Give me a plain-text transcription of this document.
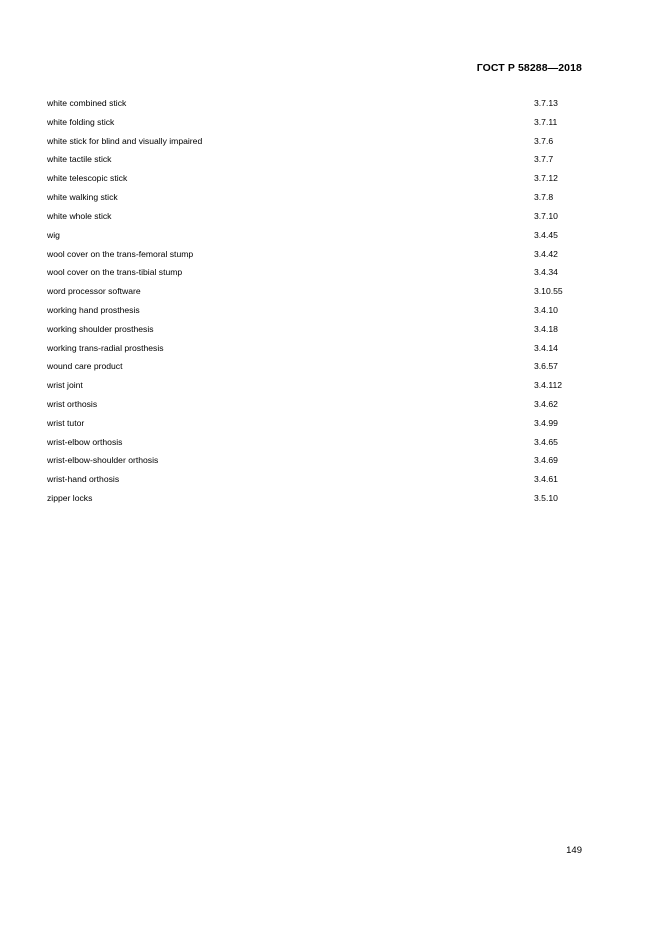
ГОСТ Р 58288—2018
white combined stick	3.7.13
white folding stick	3.7.11
white stick for blind and visually impaired	3.7.6
white tactile stick	3.7.7
white telescopic stick	3.7.12
white walking stick	3.7.8
white whole stick	3.7.10
wig	3.4.45
wool cover on the trans-femoral stump	3.4.42
wool cover on the trans-tibial stump	3.4.34
word processor software	3.10.55
working hand prosthesis	3.4.10
working shoulder prosthesis	3.4.18
working trans-radial prosthesis	3.4.14
wound care product	3.6.57
wrist joint	3.4.112
wrist orthosis	3.4.62
wrist tutor	3.4.99
wrist-elbow orthosis	3.4.65
wrist-elbow-shoulder orthosis	3.4.69
wrist-hand orthosis	3.4.61
zipper locks	3.5.10
149
